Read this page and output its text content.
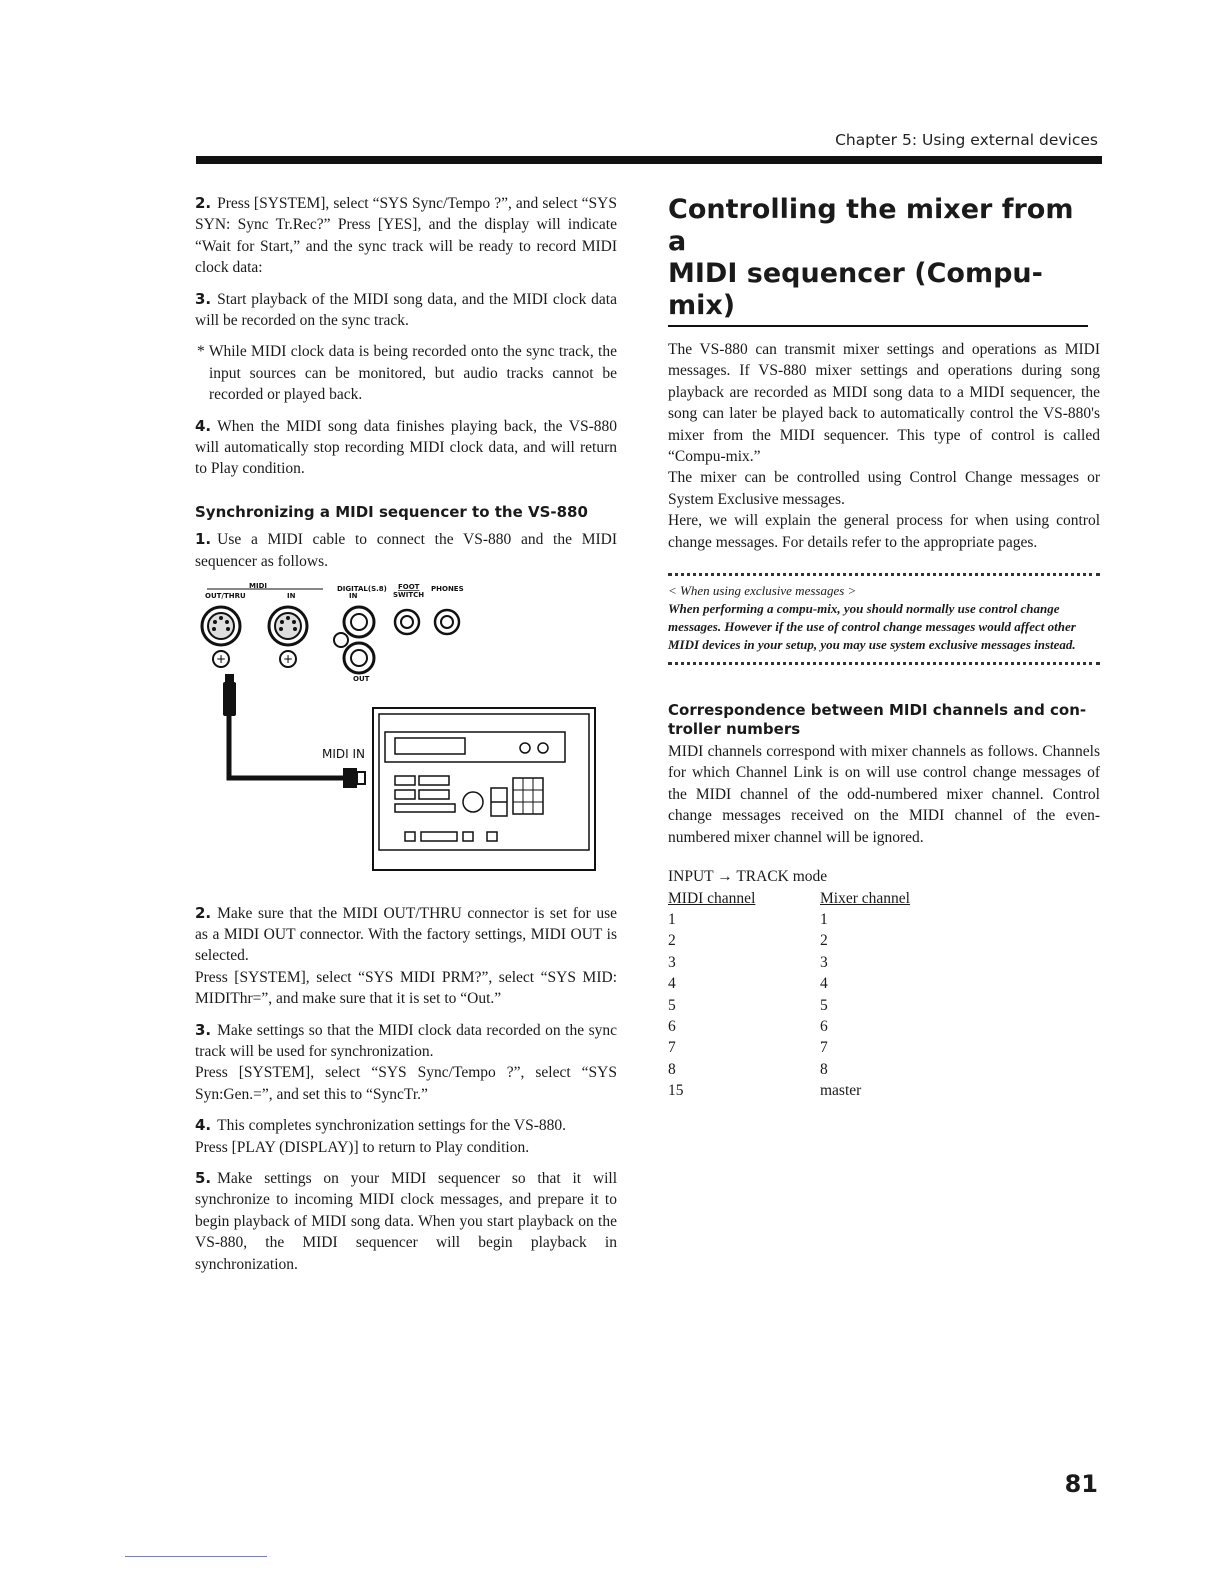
Chapter 5: Using external devices

2. Press [SYSTEM], select “SYS Sync/Tempo ?”, and select “SYS SYN: Sync Tr.Rec?” Press [YES], and the display will indicate “Wait for Start,” and the sync track will be ready to record MIDI clock data:

3. Start playback of the MIDI song data, and the MIDI clock data will be recorded on the sync track.

* While MIDI clock data is being recorded onto the sync track, the input sources can be monitored, but audio tracks cannot be recorded or played back.

4. When the MIDI song data finishes playing back, the VS-880 will automatically stop recording MIDI clock data, and will return to Play condition.

Synchronizing a MIDI sequencer to the VS-880

1. Use a MIDI cable to connect the VS-880 and the MIDI sequencer as follows.

MIDI
OUT/THRU	IN
DIGITAL(S.8)
IN
FOOT
SWITCH
PHONES
OUT
+	+
MIDI IN

2. Make sure that the MIDI OUT/THRU connector is set for use as a MIDI OUT connector. With the factory settings, MIDI OUT is selected.
Press [SYSTEM], select “SYS MIDI PRM?”, select “SYS MID: MIDIThr=”, and make sure that it is set to “Out.”

3. Make settings so that the MIDI clock data recorded on the sync track will be used for synchronization.
Press [SYSTEM], select “SYS Sync/Tempo ?”, select “SYS Syn:Gen.=”, and set this to “SyncTr.”

4. This completes synchronization settings for the VS-880.
Press [PLAY (DISPLAY)] to return to Play condition.

5. Make settings on your MIDI sequencer so that it will synchronize to incoming MIDI clock messages, and prepare it to begin playback of MIDI song data. When you start playback on the VS-880, the MIDI sequencer will begin playback in synchronization.

Controlling the mixer from a
MIDI sequencer (Compu-mix)

The VS-880 can transmit mixer settings and operations as MIDI messages. If VS-880 mixer settings and operations during song playback are recorded as MIDI song data to a MIDI sequencer, the song can later be played back to automatically control the VS-880's mixer from the MIDI sequencer. This type of control is called “Compu-mix.”

The mixer can be controlled using Control Change messages or System Exclusive messages.

Here, we will explain the general process for when using control change messages. For details refer to the appropriate pages.

< When using exclusive messages >

When performing a compu-mix, you should normally use control change messages. However if the use of control change messages would affect other MIDI devices in your setup, you may use system exclusive messages instead.

Correspondence between MIDI channels and con-
troller numbers

MIDI channels correspond with mixer channels as follows. Channels for which Channel Link is on will use control change messages of the MIDI channel of the odd-numbered mixer channel. Control change messages received on the MIDI channel of the even-numbered mixer channel will be ignored.

INPUT → TRACK mode

MIDI channel	Mixer channel
1	1
2	2
3	3
4	4
5	5
6	6
7	7
8	8
15	master
81
